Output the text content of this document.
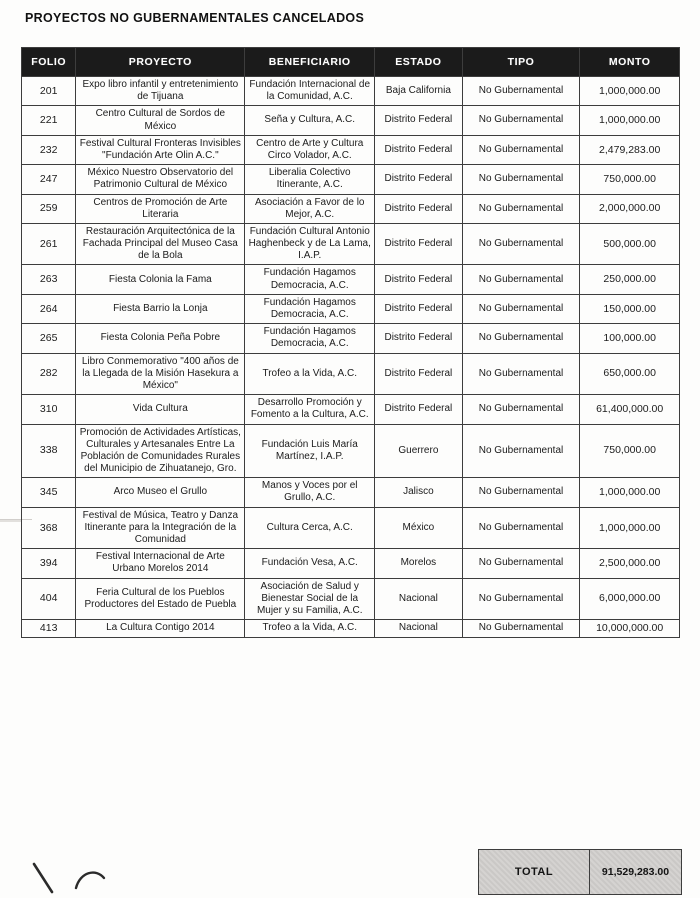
PROYECTOS NO GUBERNAMENTALES CANCELADOS
FOLIO	PROYECTO	BENEFICIARIO	ESTADO	TIPO	MONTO
201	Expo libro infantil y entretenimiento de Tijuana	Fundación Internacional de la Comunidad, A.C.	Baja California	No Gubernamental	1,000,000.00
221	Centro Cultural de Sordos de México	Seña y Cultura, A.C.	Distrito Federal	No Gubernamental	1,000,000.00
232	Festival Cultural Fronteras Invisibles "Fundación Arte Olin A.C."	Centro de Arte y Cultura Circo Volador, A.C.	Distrito Federal	No Gubernamental	2,479,283.00
247	México Nuestro Observatorio del Patrimonio Cultural de México	Liberalia Colectivo Itinerante, A.C.	Distrito Federal	No Gubernamental	750,000.00
259	Centros de Promoción de Arte Literaria	Asociación a Favor de lo Mejor, A.C.	Distrito Federal	No Gubernamental	2,000,000.00
261	Restauración Arquitectónica de la Fachada Principal del Museo Casa de la Bola	Fundación Cultural Antonio Haghenbeck y de La Lama, I.A.P.	Distrito Federal	No Gubernamental	500,000.00
263	Fiesta Colonia la Fama	Fundación Hagamos Democracia, A.C.	Distrito Federal	No Gubernamental	250,000.00
264	Fiesta Barrio la Lonja	Fundación Hagamos Democracia, A.C.	Distrito Federal	No Gubernamental	150,000.00
265	Fiesta Colonia Peña Pobre	Fundación Hagamos Democracia, A.C.	Distrito Federal	No Gubernamental	100,000.00
282	Libro Conmemorativo "400 años de la Llegada de la Misión Hasekura a México"	Trofeo a la Vida, A.C.	Distrito Federal	No Gubernamental	650,000.00
310	Vida Cultura	Desarrollo Promoción y Fomento a la Cultura, A.C.	Distrito Federal	No Gubernamental	61,400,000.00
338	Promoción de Actividades Artísticas, Culturales y Artesanales Entre La Población de Comunidades Rurales del Municipio de Zihuatanejo, Gro.	Fundación Luis María Martínez, I.A.P.	Guerrero	No Gubernamental	750,000.00
345	Arco Museo el Grullo	Manos y Voces por el Grullo, A.C.	Jalisco	No Gubernamental	1,000,000.00
368	Festival de Música, Teatro y Danza Itinerante para la Integración de la Comunidad	Cultura Cerca, A.C.	México	No Gubernamental	1,000,000.00
394	Festival Internacional de Arte Urbano Morelos 2014	Fundación Vesa, A.C.	Morelos	No Gubernamental	2,500,000.00
404	Feria Cultural de los Pueblos Productores del Estado de Puebla	Asociación de Salud y Bienestar Social de la Mujer y su Familia, A.C.	Nacional	No Gubernamental	6,000,000.00
413	La Cultura Contigo 2014	Trofeo a la Vida, A.C.	Nacional	No Gubernamental	10,000,000.00
TOTAL	91,529,283.00
